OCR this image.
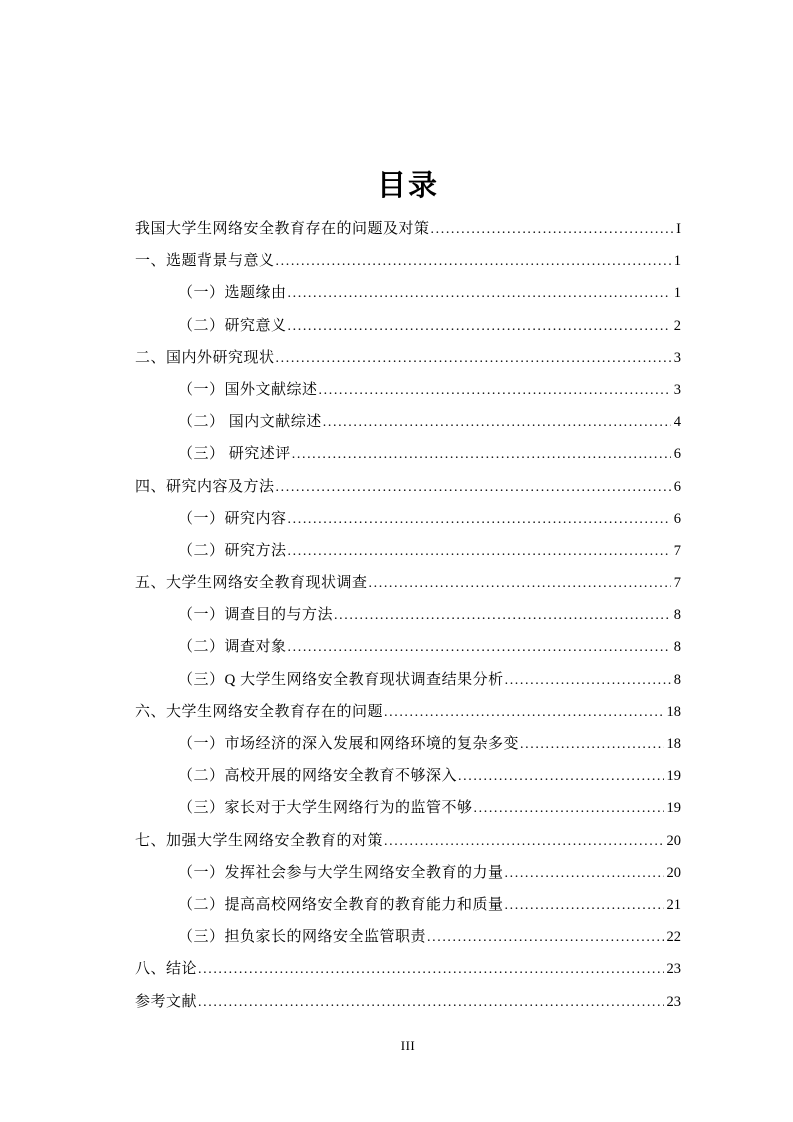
目录
我国大学生网络安全教育存在的问题及对策 .....	I
一、选题背景与意义 .....	1
（一）选题缘由 .....	1
（二）研究意义 .....	2
二、国内外研究现状 .....	3
（一）国外文献综述 .....	3
（二） 国内文献综述 .....	4
（三） 研究述评 .....	6
四、研究内容及方法 .....	6
（一）研究内容 .....	6
（二）研究方法 .....	7
五、大学生网络安全教育现状调查 .....	7
（一）调查目的与方法 .....	8
（二）调查对象 .....	8
（三）Q 大学生网络安全教育现状调查结果分析 .....	8
六、大学生网络安全教育存在的问题 .....	18
（一）市场经济的深入发展和网络环境的复杂多变 .....	18
（二）高校开展的网络安全教育不够深入 .....	19
（三）家长对于大学生网络行为的监管不够 .....	19
七、加强大学生网络安全教育的对策 .....	20
（一）发挥社会参与大学生网络安全教育的力量 .....	20
（二）提高高校网络安全教育的教育能力和质量 .....	21
（三）担负家长的网络安全监管职责 .....	22
八、结论 .....	23
参考文献 .....	23
III
